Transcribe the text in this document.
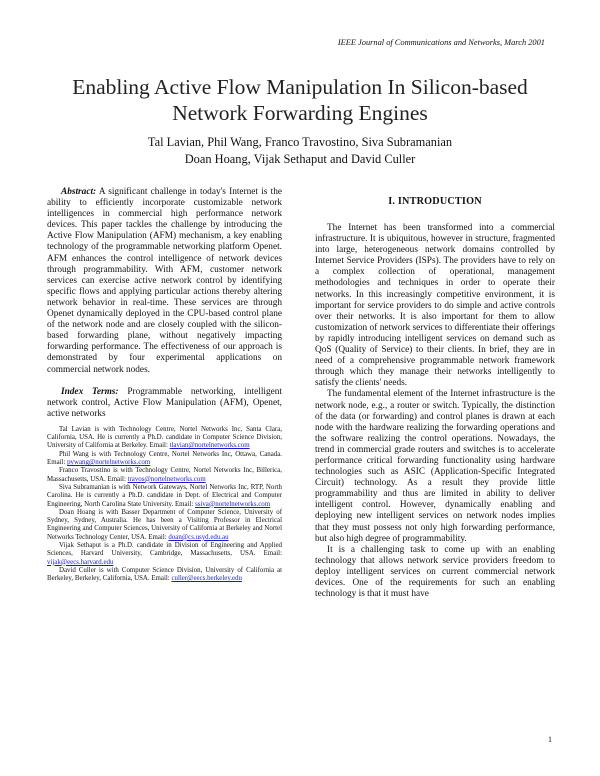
IEEE Journal of Communications and Networks, March 2001
Enabling Active Flow Manipulation In Silicon-based Network Forwarding Engines
Tal Lavian, Phil Wang, Franco Travostino, Siva Subramanian
Doan Hoang, Vijak Sethaput and David Culler

Abstract: A significant challenge in today's Internet is the ability to efficiently incorporate customizable network intelligences in commercial high performance network devices. This paper tackles the challenge by introducing the Active Flow Manipulation (AFM) mechanism, a key enabling technology of the programmable networking platform Openet. AFM enhances the control intelligence of network devices through programmability. With AFM, customer network services can exercise active network control by identifying specific flows and applying particular actions thereby altering network behavior in real-time. These services are through Openet dynamically deployed in the CPU-based control plane of the network node and are closely coupled with the silicon-based forwarding plane, without negatively impacting forwarding performance. The effectiveness of our approach is demonstrated by four experimental applications on commercial network nodes.

Index Terms: Programmable networking, intelligent network control, Active Flow Manipulation (AFM), Openet, active networks

Tal Lavian is with Technology Centre, Nortel Networks Inc, Santa Clara, California, USA. He is currently a Ph.D. candidate in Computer Science Division, University of California at Berkeley. Email: tlavian@nortelnetworks.com

Phil Wang is with Technology Centre, Nortel Networks Inc, Ottawa, Canada. Email: pywang@nortelnetworks.com

Franco Travostino is with Technology Centre, Nortel Networks Inc, Billerica, Massachusetts, USA. Email: travos@nortelnetworks.com

Siva Subramanian is with Network Gateways, Nortel Networks Inc, RTP, North Carolina. He is currently a Ph.D. candidate in Dept. of Electrical and Computer Engineering, North Carolina State University. Email: ssiva@nortelnetworks.com

Doan Hoang is with Basser Department of Computer Science, University of Sydney, Sydney, Australia. He has been a Visiting Professor in Electrical Engineering and Computer Sciences, University of California at Berkeley and Nortel Networks Technology Center, USA. Email: doan@cs.usyd.edu.au

Vijak Sethaput is a Ph.D. candidate in Division of Engineering and Applied Sciences, Harvard University, Cambridge, Massachusetts, USA. Email: vijak@eecs.harvard.edu

David Culler is with Computer Science Division, University of California at Berkeley, Berkeley, California, USA. Email: culler@eecs.berkeley.edu

I. INTRODUCTION

The Internet has been transformed into a commercial infrastructure. It is ubiquitous, however in structure, fragmented into large, heterogeneous network domains controlled by Internet Service Providers (ISPs). The providers have to rely on a complex collection of operational, management methodologies and techniques in order to operate their networks. In this increasingly competitive environment, it is important for service providers to do simple and active controls over their networks. It is also important for them to allow customization of network services to differentiate their offerings by rapidly introducing intelligent services on demand such as QoS (Quality of Service) to their clients. In brief, they are in need of a comprehensive programmable network framework through which they manage their networks intelligently to satisfy the clients' needs.

The fundamental element of the Internet infrastructure is the network node, e.g., a router or switch. Typically, the distinction of the data (or forwarding) and control planes is drawn at each node with the hardware realizing the forwarding operations and the software realizing the control operations. Nowadays, the trend in commercial grade routers and switches is to accelerate performance critical forwarding functionality using hardware technologies such as ASIC (Application-Specific Integrated Circuit) technology. As a result they provide little programmability and thus are limited in ability to deliver intelligent control. However, dynamically enabling and deploying new intelligent services on network nodes implies that they must possess not only high forwarding performance, but also high degree of programmability.

It is a challenging task to come up with an enabling technology that allows network service providers freedom to deploy intelligent services on current commercial network devices. One of the requirements for such an enabling technology is that it must have

1
